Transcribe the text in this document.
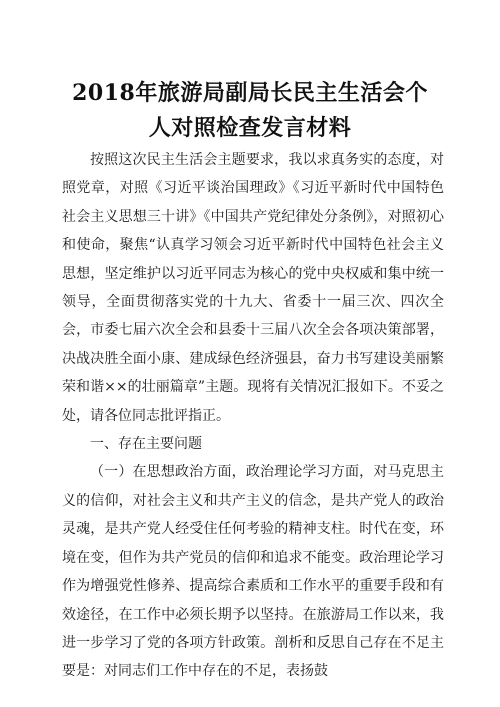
2018年旅游局副局长民主生活会个
人对照检查发言材料

按照这次民主生活会主题要求，我以求真务实的态度，对照党章，对照《习近平谈治国理政》《习近平新时代中国特色社会主义思想三十讲》《中国共产党纪律处分条例》，对照初心和使命，聚焦“认真学习领会习近平新时代中国特色社会主义思想，坚定维护以习近平同志为核心的党中央权威和集中统一领导，全面贯彻落实党的十九大、省委十一届三次、四次全会，市委七届六次全会和县委十三届八次全会各项决策部署，决战决胜全面小康、建成绿色经济强县，奋力书写建设美丽繁荣和谐××的壮丽篇章”主题。现将有关情况汇报如下。不妥之处，请各位同志批评指正。

一、存在主要问题

（一）在思想政治方面，政治理论学习方面，对马克思主义的信仰，对社会主义和共产主义的信念，是共产党人的政治灵魂，是共产党人经受住任何考验的精神支柱。时代在变，环境在变，但作为共产党员的信仰和追求不能变。政治理论学习作为增强党性修养、提高综合素质和工作水平的重要手段和有效途径，在工作中必须长期予以坚持。在旅游局工作以来，我进一步学习了党的各项方针政策。剖析和反思自己存在不足主要是：对同志们工作中存在的不足，表扬鼓
